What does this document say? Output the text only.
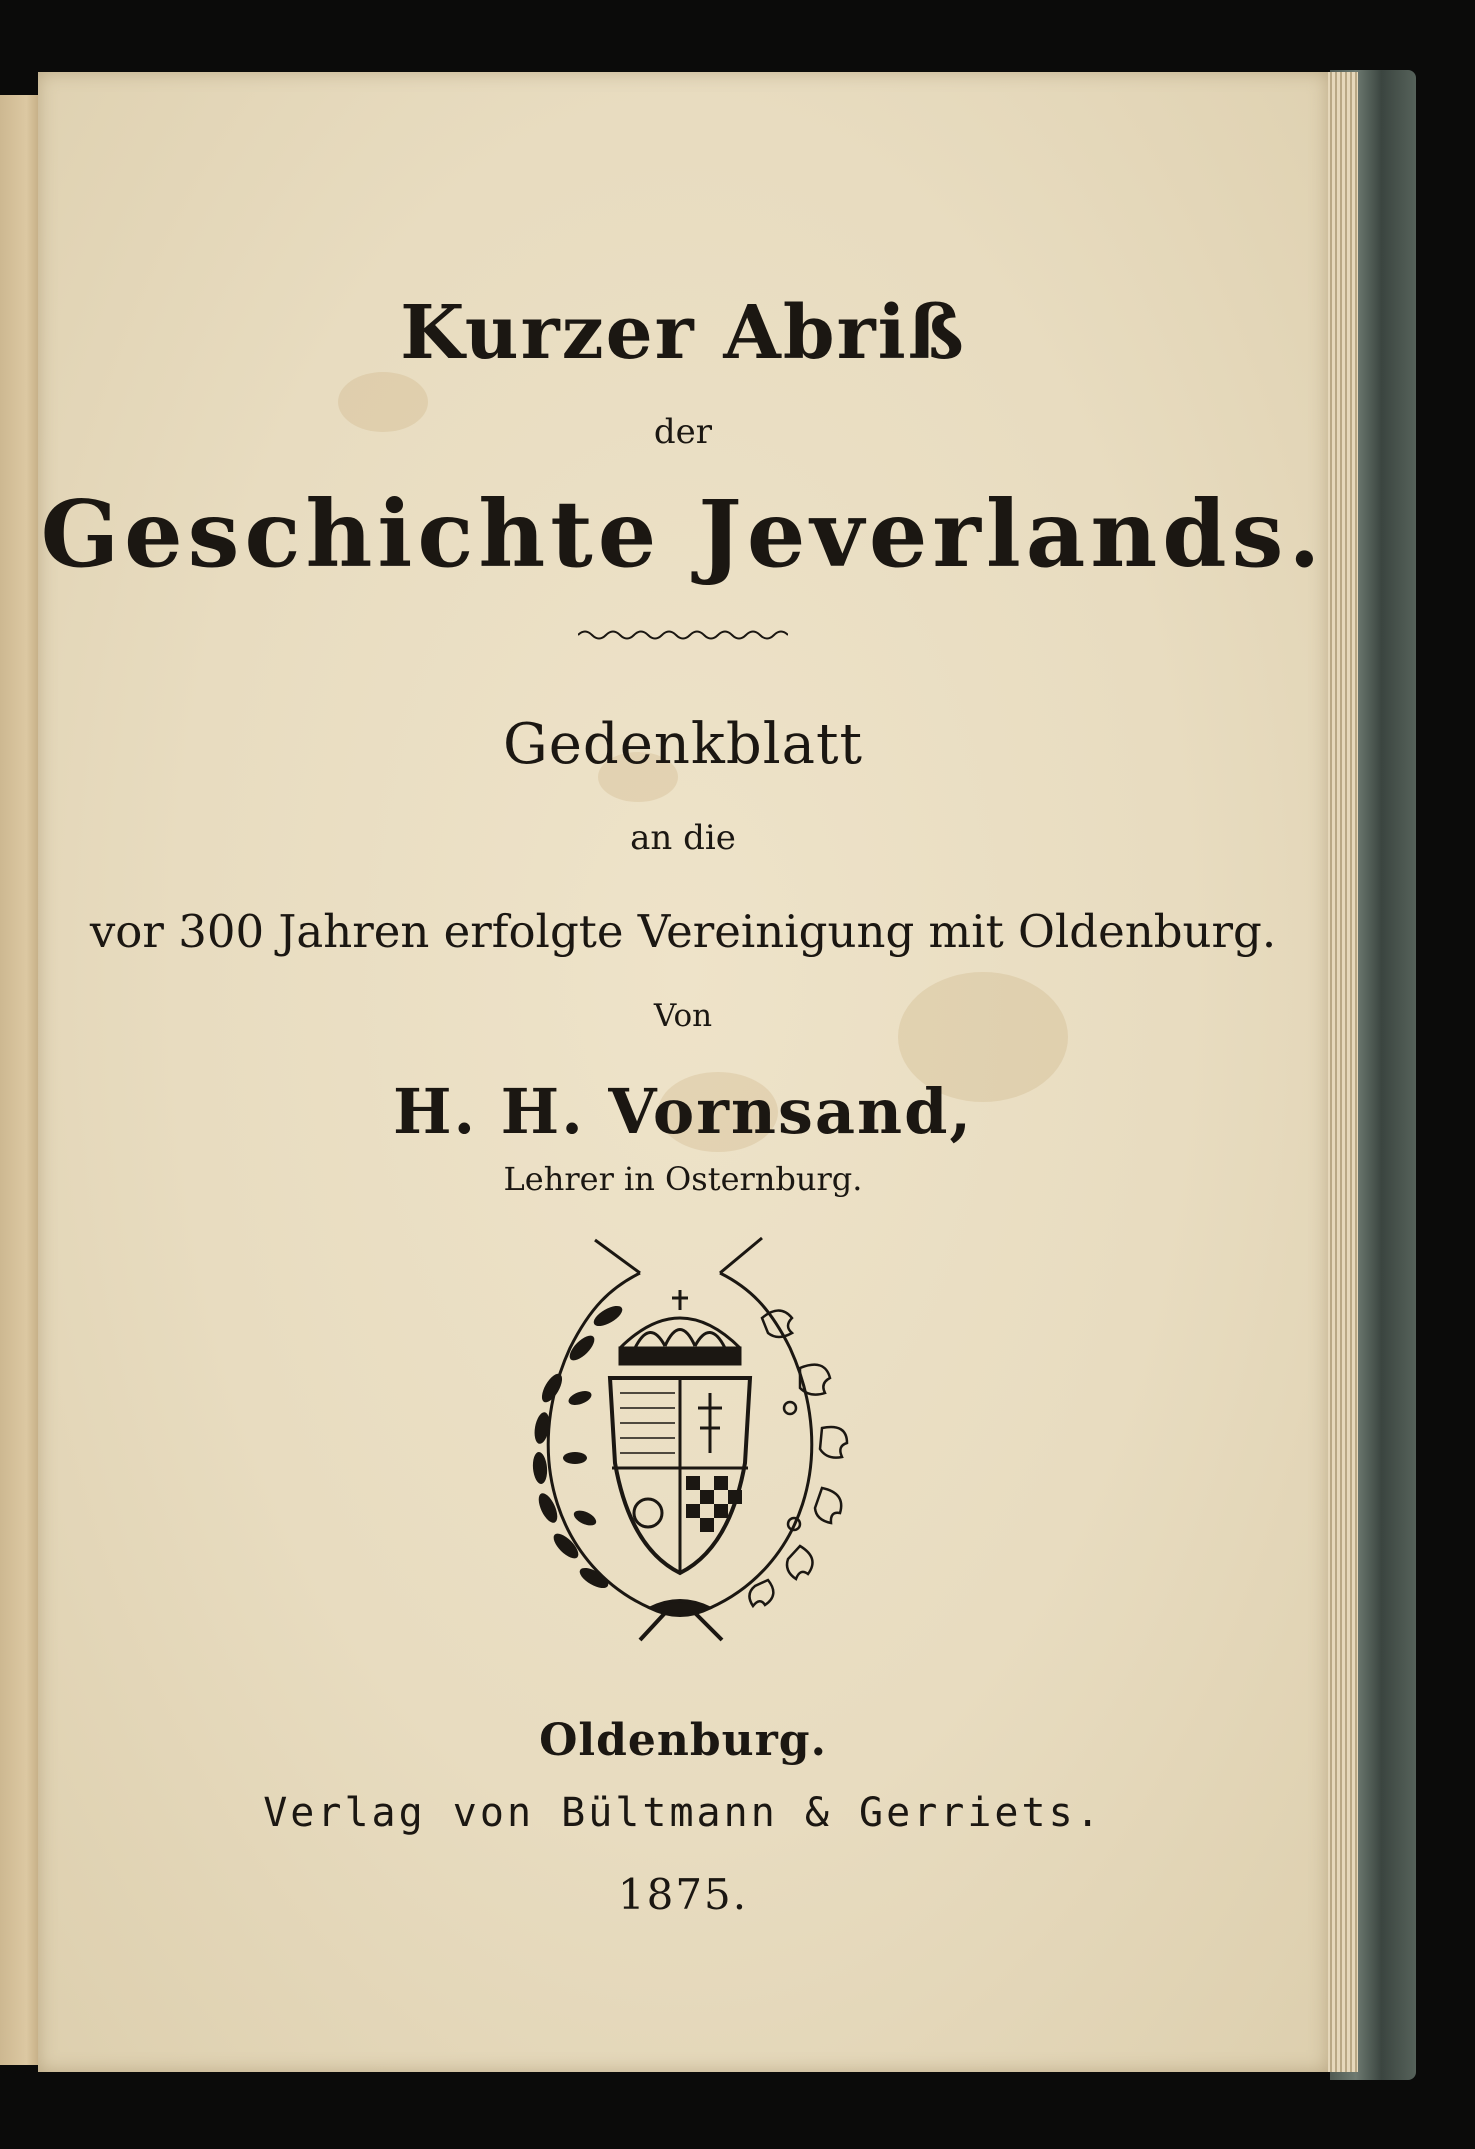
Kurzer Abriß

der

Geschichte Jeverlands.

Gedenkblatt

an die

vor 300 Jahren erfolgte Vereinigung mit Oldenburg.

Von

H. H. Vornsand,

Lehrer in Osternburg.

Oldenburg.

Verlag von Bültmann & Gerriets.

1875.
